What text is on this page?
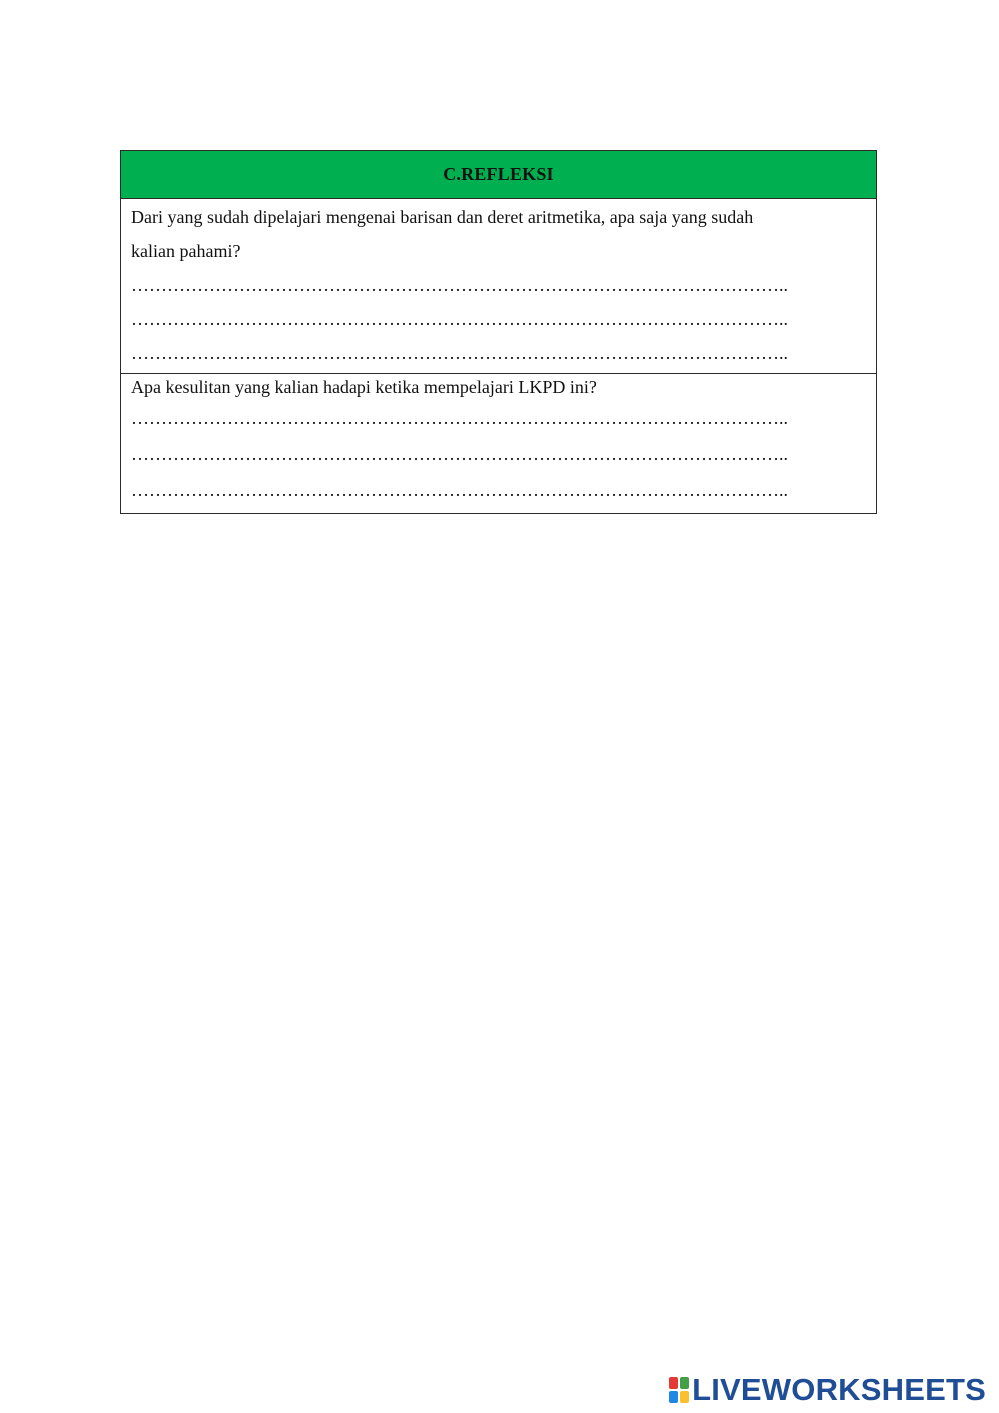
C.REFLEKSI

Dari yang sudah dipelajari mengenai barisan dan deret aritmetika, apa saja yang sudah

kalian pahami?

………………………………………………………………………………………………..

………………………………………………………………………………………………..

………………………………………………………………………………………………..

Apa kesulitan yang kalian hadapi ketika mempelajari LKPD ini?

………………………………………………………………………………………………..

………………………………………………………………………………………………..

………………………………………………………………………………………………..

LIVEWORKSHEETS
